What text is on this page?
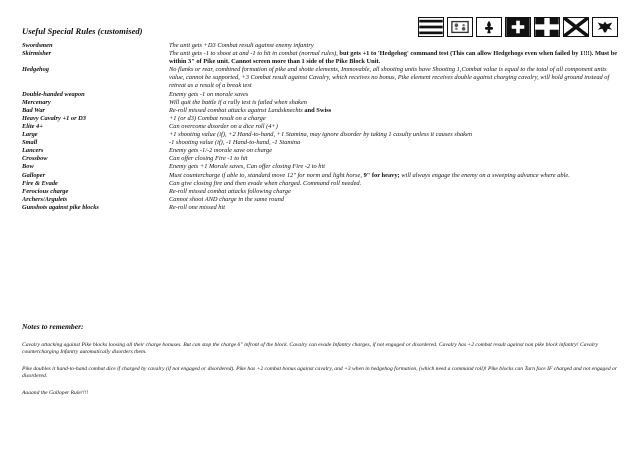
Useful Special Rules (customised)
Swordsmen	The unit gets +D3 Combat result against enemy infantry
Skirmisher	The unit gets -1 to shoot at and -1 to hit in combat (normal rules), but gets +1 to 'Hedgehog' command test (This can allow Hedgehogs even when failed by 1!!!). Must be within 3" of Pike unit. Cannot screen more than 1 side of the Pike Block Unit.
Hedgehog	No flanks or rear, combined formation of pike and shotte elements, Immovable, all shooting units have Shooting 1,Combat value is equal to the total of all component units value, cannot be supported, +3 Combat result against Cavalry, which receives no bonus, Pike element receives double against charging cavalry, will hold ground instead of retreat as a result of a break test
Double-handed weapon	Enemy gets -1 on morale saves
Mercenary	Will quit the battle if a rally test is failed when shaken
Bad War	Re-roll missed combat attacks against Landsknechts and Swiss
Heavy Cavalry +1 or D3	+1 (or d3) Combat result on a charge
Elite 4+	Can overcome disorder on a dice roll (4+)
Large	+1 shooting value (if), +2 Hand-to-hand, +1 Stamina, may ignore disorder by taking 1 casulty unless it causes shaken
Small	-1 shooting value (if), -1 Hand-to-hand, -1 Stamina
Lancers	Enemy gets -1/-2 morale save on charge
Crossbow	Can offer closing Fire -1 to hit
Bow	Enemy gets +1 Morale saves, Can offer closing Fire -2 to hit
Galloper	Must countercharge if able to, standard move 12" for norm and light horse, 9" for heavy; will always engage the enemy on a sweeping advance where able.
Fire & Evade	Can give closing fire and then evade when charged. Command roll needed.
Ferocious charge	Re-roll missed combat attacks following charge
Archers/Argulets	Cannot shoot AND charge in the same round
Gunshots against pike blocks	Re-roll one missed hit
Notes to remember:

Cavalry attacking against Pike blocks loosing all their charge bonuses. But can stop the charge 6" infront of the block. Cavalry can evade Infantry charges, if not engaged or disordered. Cavalry has +2 combat result against non pike block infantry! Cavalry countercharging Infantry automatically disorders them.

Pike doubles it hand-to-hand combat dice if charged by cavalry (if not engaged or disordered). Pike has +2 combat bonus against cavalry, and +3 when in hedgehog formation, (which need a command roll)! Pike blocks can Turn face IF charged and not engaged or disordered.

Aaaand the Galloper Rule!!!!
